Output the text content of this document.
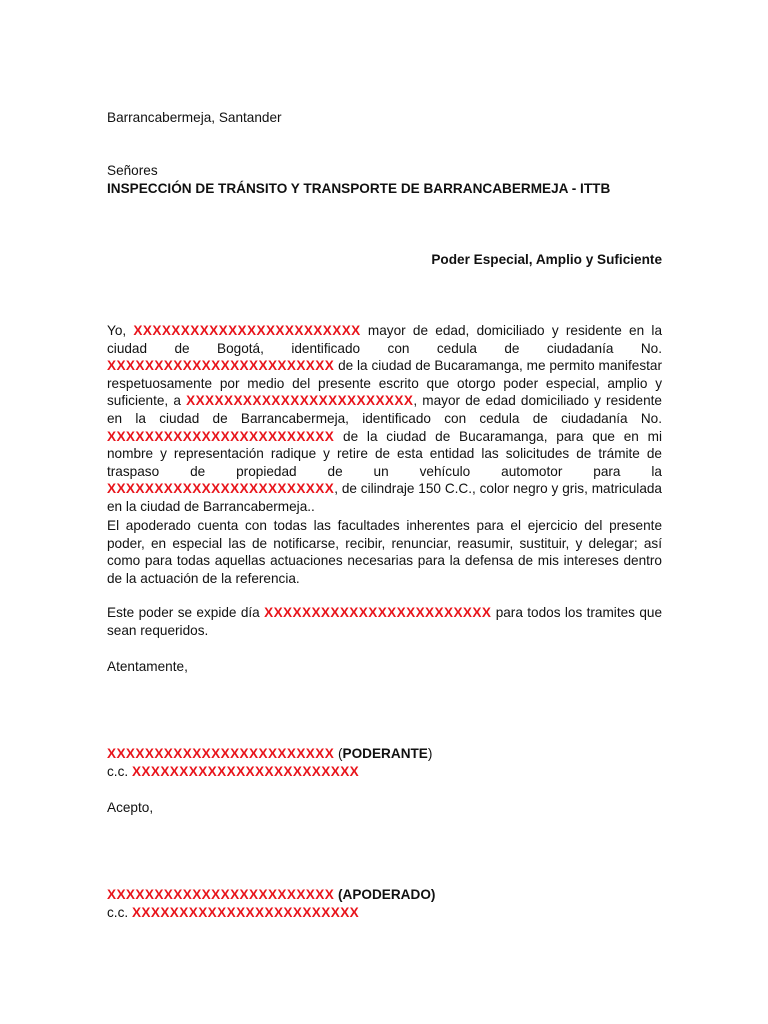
Barrancabermeja, Santander
Señores
INSPECCIÓN DE TRÁNSITO Y TRANSPORTE DE BARRANCABERMEJA - ITTB
Poder Especial, Amplio y Suficiente
Yo, XXXXXXXXXXXXXXXXXXXXXXXX mayor de edad, domiciliado y residente en la ciudad de Bogotá, identificado con cedula de ciudadanía No. XXXXXXXXXXXXXXXXXXXXXXXX de la ciudad de Bucaramanga, me permito manifestar respetuosamente por medio del presente escrito que otorgo poder especial, amplio y suficiente, a XXXXXXXXXXXXXXXXXXXXXXXX, mayor de edad domiciliado y residente en la ciudad de Barrancabermeja, identificado con cedula de ciudadanía No. XXXXXXXXXXXXXXXXXXXXXXXX de la ciudad de Bucaramanga, para que en mi nombre y representación radique y retire de esta entidad las solicitudes de trámite de traspaso de propiedad de un vehículo automotor para la XXXXXXXXXXXXXXXXXXXXXXXX, de cilindraje 150 C.C., color negro y gris, matriculada en la ciudad de Barrancabermeja..
El apoderado cuenta con todas las facultades inherentes para el ejercicio del presente poder, en especial las de notificarse, recibir, renunciar, reasumir, sustituir, y delegar; así como para todas aquellas actuaciones necesarias para la defensa de mis intereses dentro de la actuación de la referencia.
Este poder se expide día XXXXXXXXXXXXXXXXXXXXXXXX para todos los tramites que sean requeridos.
Atentamente,
XXXXXXXXXXXXXXXXXXXXXXXX (PODERANTE)
c.c. XXXXXXXXXXXXXXXXXXXXXXXX
Acepto,
XXXXXXXXXXXXXXXXXXXXXXXX (APODERADO)
c.c. XXXXXXXXXXXXXXXXXXXXXXXX
